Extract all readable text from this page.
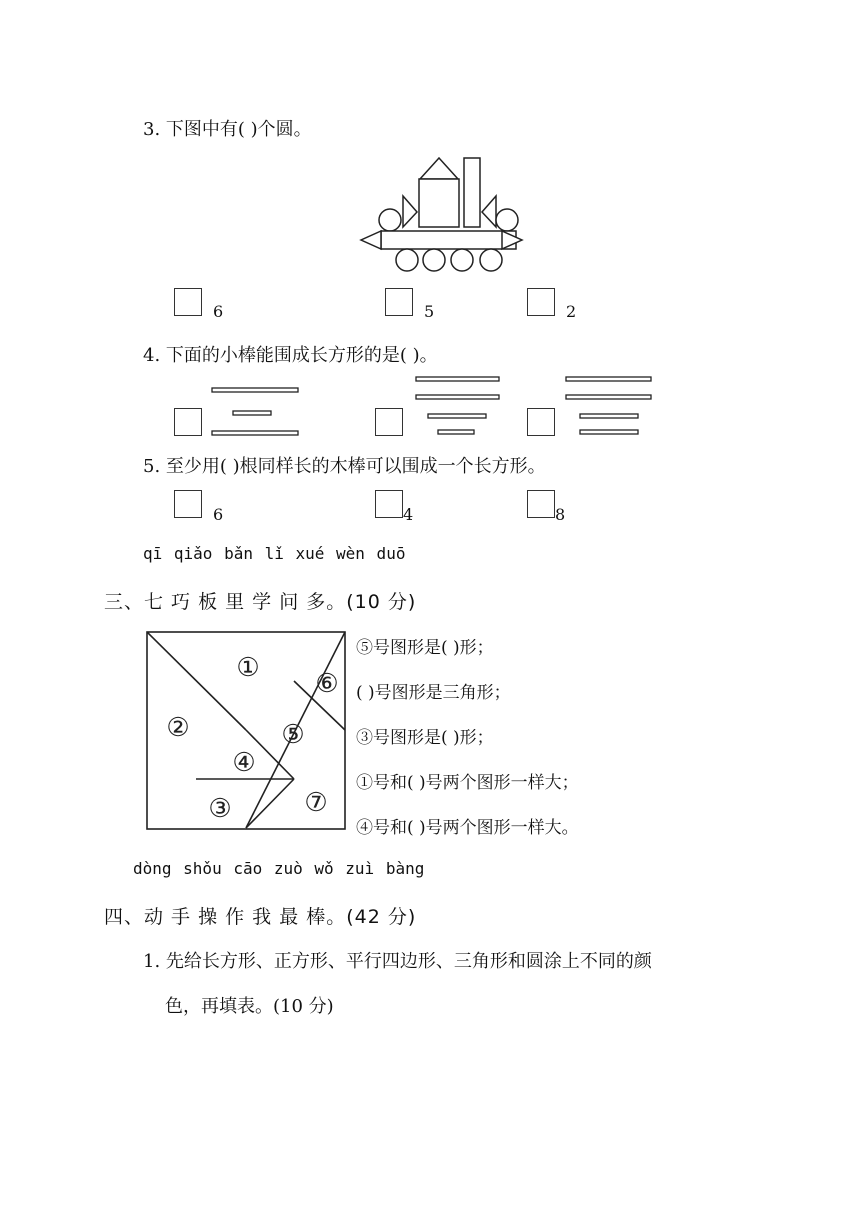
3. 下图中有( )个圆。
6	5	2
4. 下面的小棒能围成长方形的是( )。
5. 至少用( )根同样长的木棒可以围成一个长方形。
6	4	8
qī qiǎo bǎn lǐ xué wèn duō
三、七 巧 板 里 学 问 多。(10 分)
①
②
③
④
⑤
⑥
⑦
⑤号图形是( )形；
( )号图形是三角形；
③号图形是( )形；
①号和( )号两个图形一样大；
④号和( )号两个图形一样大。
dòng shǒu cāo zuò wǒ zuì bàng
四、动 手 操 作 我 最 棒。(42 分)
1. 先给长方形、正方形、平行四边形、三角形和圆涂上不同的颜
色，再填表。(10 分)
